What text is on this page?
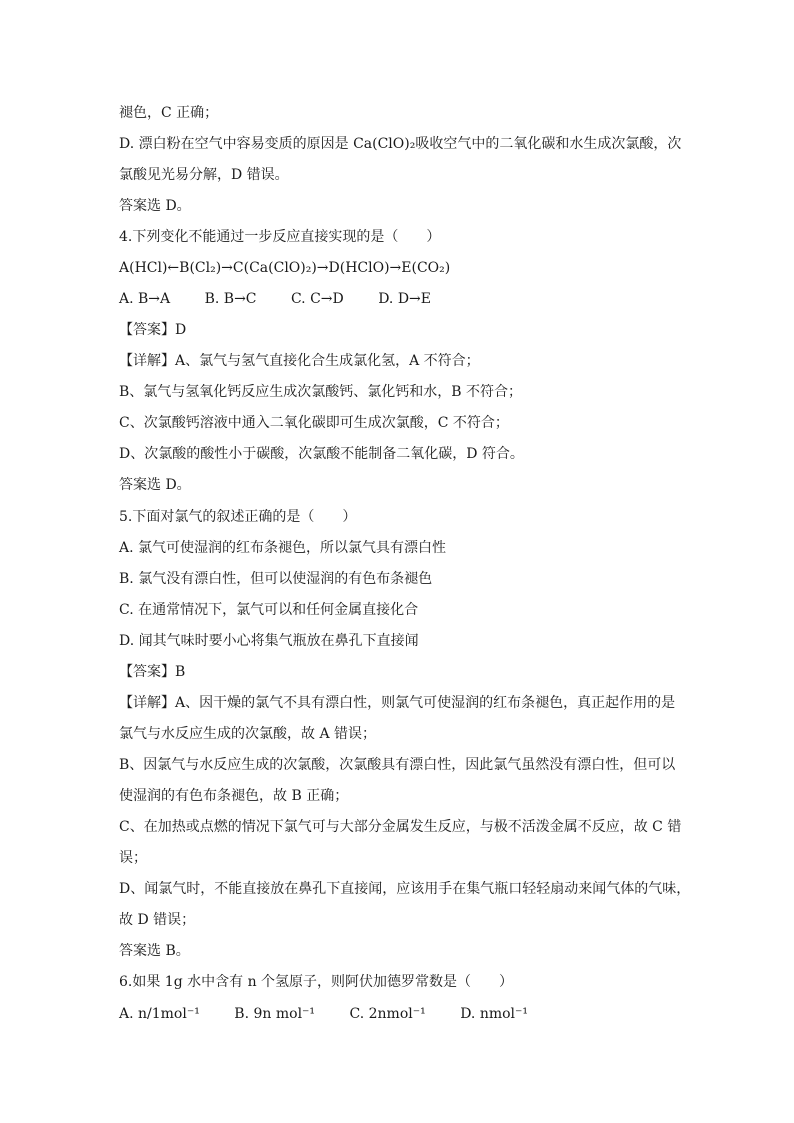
褪色，C 正确；
D. 漂白粉在空气中容易变质的原因是 Ca(ClO)₂吸收空气中的二氧化碳和水生成次氯酸，次
氯酸见光易分解，D 错误。
答案选 D。
4.下列变化不能通过一步反应直接实现的是（　　）
A(HCl)←B(Cl₂)→C(Ca(ClO)₂)→D(HClO)→E(CO₂)
A. B→A B. B→C C. C→D D. D→E
【答案】D
【详解】A、氯气与氢气直接化合生成氯化氢，A 不符合；
B、氯气与氢氧化钙反应生成次氯酸钙、氯化钙和水，B 不符合；
C、次氯酸钙溶液中通入二氧化碳即可生成次氯酸，C 不符合；
D、次氯酸的酸性小于碳酸，次氯酸不能制备二氧化碳，D 符合。
答案选 D。
5.下面对氯气的叙述正确的是（　　）
A. 氯气可使湿润的红布条褪色，所以氯气具有漂白性
B. 氯气没有漂白性，但可以使湿润的有色布条褪色
C. 在通常情况下，氯气可以和任何金属直接化合
D. 闻其气味时要小心将集气瓶放在鼻孔下直接闻
【答案】B
【详解】A、因干燥的氯气不具有漂白性，则氯气可使湿润的红布条褪色，真正起作用的是
氯气与水反应生成的次氯酸，故 A 错误；
B、因氯气与水反应生成的次氯酸，次氯酸具有漂白性，因此氯气虽然没有漂白性，但可以
使湿润的有色布条褪色，故 B 正确；
C、在加热或点燃的情况下氯气可与大部分金属发生反应，与极不活泼金属不反应，故 C 错
误；
D、闻氯气时，不能直接放在鼻孔下直接闻，应该用手在集气瓶口轻轻扇动来闻气体的气味，
故 D 错误；
答案选 B。
6.如果 1g 水中含有 n 个氢原子，则阿伏加德罗常数是（　　）
A. n/1mol⁻¹ B. 9n mol⁻¹ C. 2nmol⁻¹ D. nmol⁻¹
